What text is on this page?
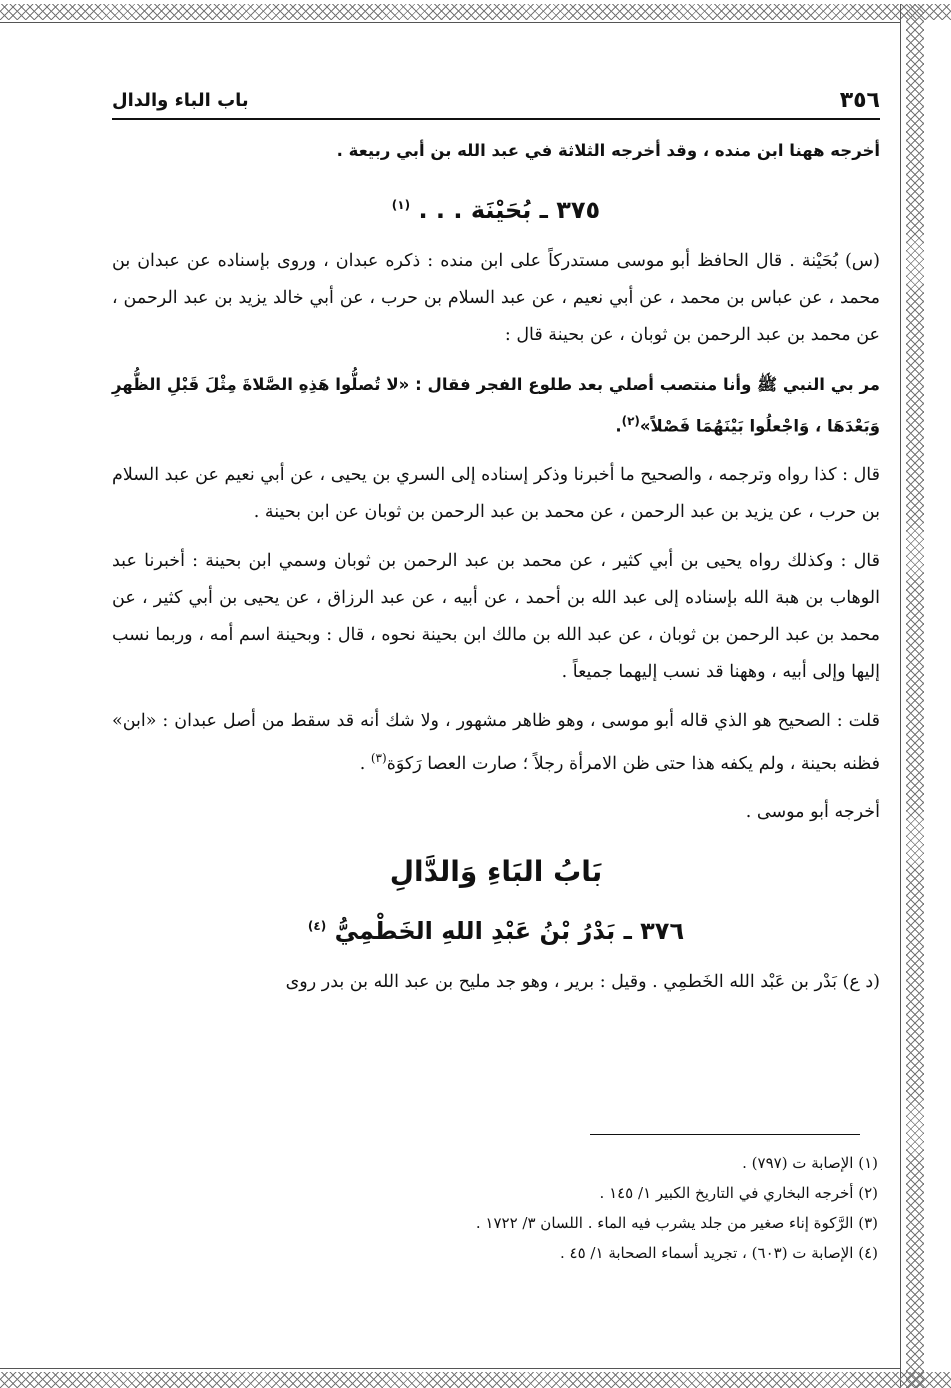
٣٥٦
باب الباء والدال

أخرجه ههنا ابن منده ، وقد أخرجه الثلاثة في عبد الله بن أبي ربيعة .

٣٧٥ ـ بُحَيْنَة . . . $^{(١)}$

(س) بُحَيْنة . قال الحافظ أبو موسى مستدركاً على ابن منده : ذكره عبدان ، وروى بإسناده عن عبدان بن محمد ، عن عباس بن محمد ، عن أبي نعيم ، عن عبد السلام بن حرب ، عن أبي خالد يزيد بن عبد الرحمن ، عن محمد بن عبد الرحمن بن ثوبان ، عن بحينة قال :

مر بي النبي ﷺ وأنا منتصب أصلي بعد طلوع الفجر فقال : «لا تُصلُّوا هَذِهِ الصَّلاةَ مِثْلَ قَبْلِ الظُّهرِ وَبَعْدَهَا ، وَاجْعلُوا بَيْنَهُمَا فَصْلاً»$^{(٢)}$.

قال : كذا رواه وترجمه ، والصحيح ما أخبرنا وذكر إسناده إلى السري بن يحيى ، عن أبي نعيم عن عبد السلام بن حرب ، عن يزيد بن عبد الرحمن ، عن محمد بن عبد الرحمن بن ثوبان عن ابن بحينة .

قال : وكذلك رواه يحيى بن أبي كثير ، عن محمد بن عبد الرحمن بن ثوبان وسمي ابن بحينة : أخبرنا عبد الوهاب بن هبة الله بإسناده إلى عبد الله بن أحمد ، عن أبيه ، عن عبد الرزاق ، عن يحيى بن أبي كثير ، عن محمد بن عبد الرحمن بن ثوبان ، عن عبد الله بن مالك ابن بحينة نحوه ، قال : وبحينة اسم أمه ، وربما نسب إليها وإلى أبيه ، وههنا قد نسب إليهما جميعاً .

قلت : الصحيح هو الذي قاله أبو موسى ، وهو ظاهر مشهور ، ولا شك أنه قد سقط من أصل عبدان : «ابن» فظنه بحينة ، ولم يكفه هذا حتى ظن الامرأة رجلاً ؛ صارت العصا رَكوَة$^{(٣)}$ .

أخرجه أبو موسى .

بَابُ البَاءِ وَالدَّالِ

٣٧٦ ـ بَدْرُ بْنُ عَبْدِ اللهِ الخَطْمِيُّ $^{(٤)}$

(د ع) بَدْر بن عَبْد الله الخَطمِي . وقيل : برير ، وهو جد مليح بن عبد الله بن بدر روى

(١) الإصابة ت (٧٩٧) .

(٢) أخرجه البخاري في التاريخ الكبير ١/ ١٤٥ .

(٣) الرَّكوة إناء صغير من جلد يشرب فيه الماء . اللسان ٣/ ١٧٢٢ .

(٤) الإصابة ت (٦٠٣) ، تجريد أسماء الصحابة ١/ ٤٥ .
